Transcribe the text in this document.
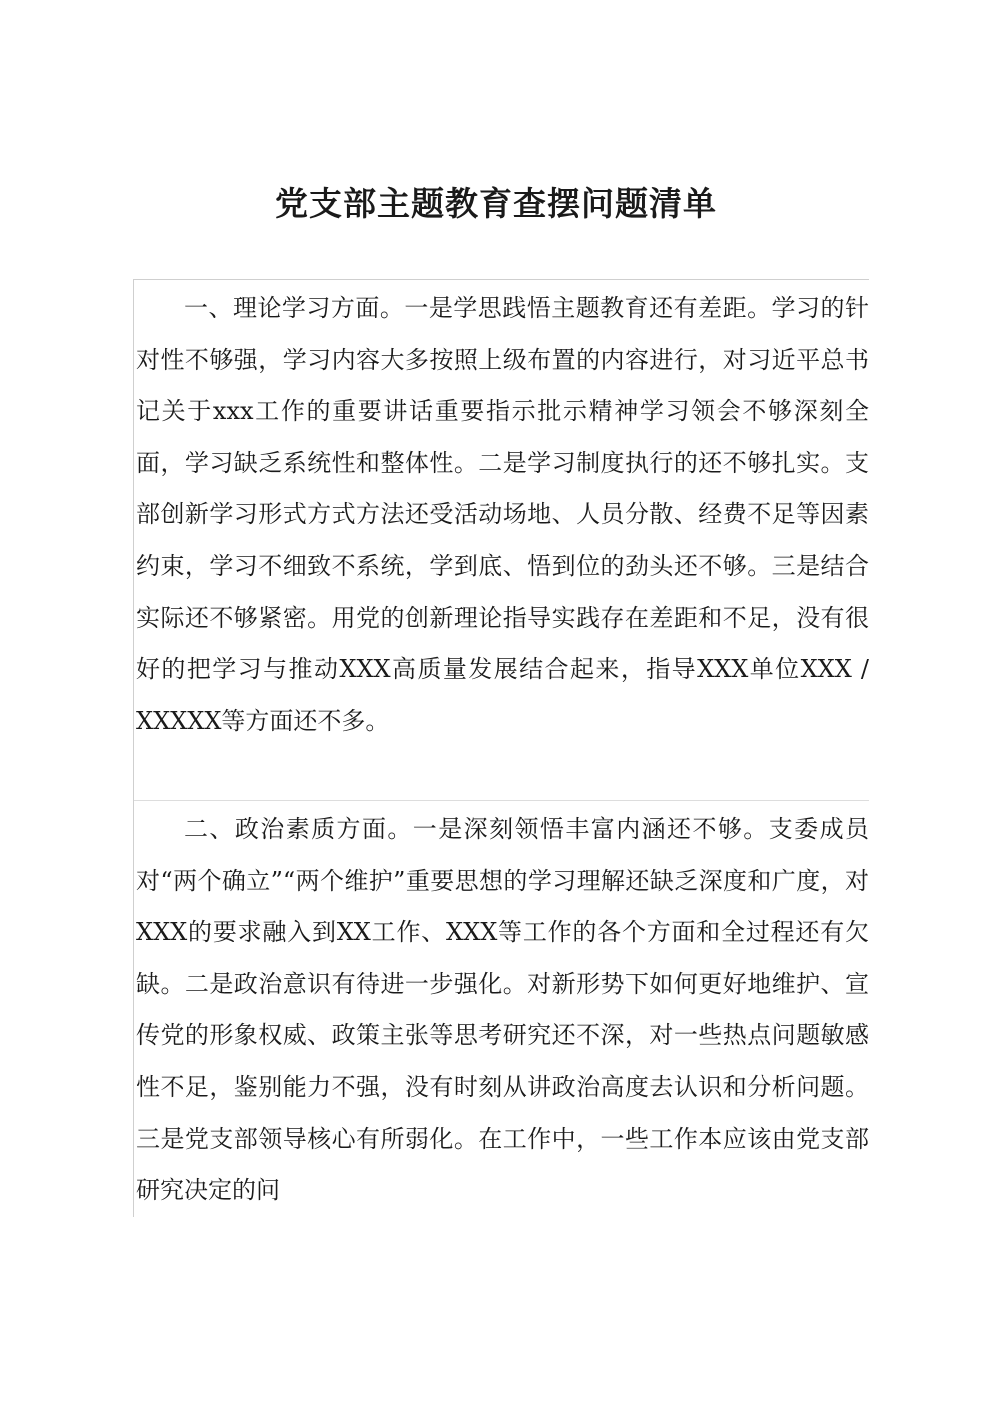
党支部主题教育查摆问题清单

一、理论学习方面。一是学思践悟主题教育还有差距。学习的针对性不够强，学习内容大多按照上级布置的内容进行，对习近平总书记关于xxx工作的重要讲话重要指示批示精神学习领会不够深刻全面，学习缺乏系统性和整体性。二是学习制度执行的还不够扎实。支部创新学习形式方式方法还受活动场地、人员分散、经费不足等因素约束，学习不细致不系统，学到底、悟到位的劲头还不够。三是结合实际还不够紧密。用党的创新理论指导实践存在差距和不足，没有很好的把学习与推动XXX高质量发展结合起来，指导XXX单位XXX / XXXXX等方面还不多。

二、政治素质方面。一是深刻领悟丰富内涵还不够。支委成员对“两个确立”“两个维护”重要思想的学习理解还缺乏深度和广度，对XXX的要求融入到XX工作、XXX等工作的各个方面和全过程还有欠缺。二是政治意识有待进一步强化。对新形势下如何更好地维护、宣传党的形象权威、政策主张等思考研究还不深，对一些热点问题敏感性不足，鉴别能力不强，没有时刻从讲政治高度去认识和分析问题。三是党支部领导核心有所弱化。在工作中，一些工作本应该由党支部研究决定的问
